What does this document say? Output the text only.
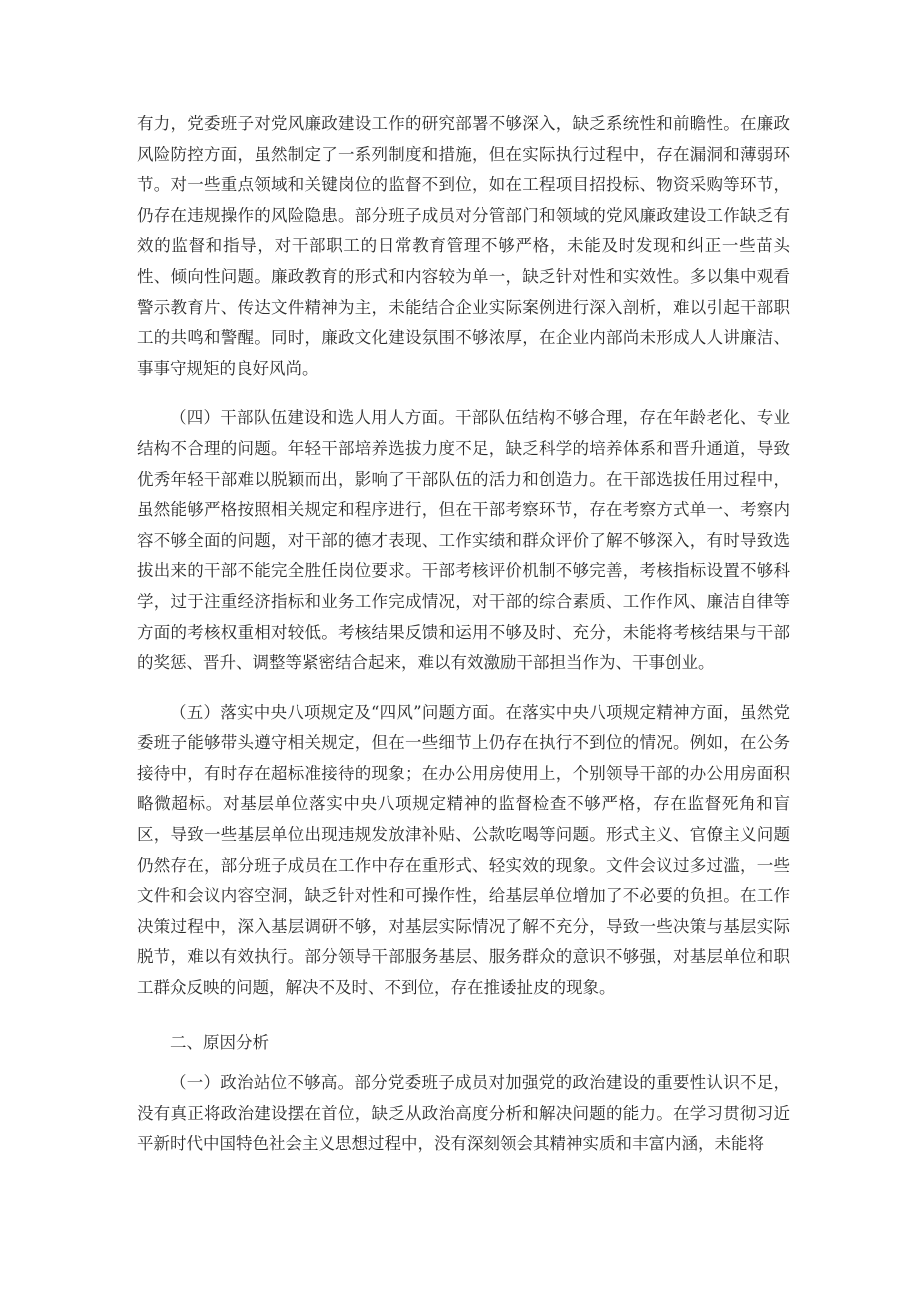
有力，党委班子对党风廉政建设工作的研究部署不够深入，缺乏系统性和前瞻性。在廉政风险防控方面，虽然制定了一系列制度和措施，但在实际执行过程中，存在漏洞和薄弱环节。对一些重点领域和关键岗位的监督不到位，如在工程项目招投标、物资采购等环节，仍存在违规操作的风险隐患。部分班子成员对分管部门和领域的党风廉政建设工作缺乏有效的监督和指导，对干部职工的日常教育管理不够严格，未能及时发现和纠正一些苗头性、倾向性问题。廉政教育的形式和内容较为单一，缺乏针对性和实效性。多以集中观看警示教育片、传达文件精神为主，未能结合企业实际案例进行深入剖析，难以引起干部职工的共鸣和警醒。同时，廉政文化建设氛围不够浓厚，在企业内部尚未形成人人讲廉洁、事事守规矩的良好风尚。

（四）干部队伍建设和选人用人方面。干部队伍结构不够合理，存在年龄老化、专业结构不合理的问题。年轻干部培养选拔力度不足，缺乏科学的培养体系和晋升通道，导致优秀年轻干部难以脱颖而出，影响了干部队伍的活力和创造力。在干部选拔任用过程中，虽然能够严格按照相关规定和程序进行，但在干部考察环节，存在考察方式单一、考察内容不够全面的问题，对干部的德才表现、工作实绩和群众评价了解不够深入，有时导致选拔出来的干部不能完全胜任岗位要求。干部考核评价机制不够完善，考核指标设置不够科学，过于注重经济指标和业务工作完成情况，对干部的综合素质、工作作风、廉洁自律等方面的考核权重相对较低。考核结果反馈和运用不够及时、充分，未能将考核结果与干部的奖惩、晋升、调整等紧密结合起来，难以有效激励干部担当作为、干事创业。

（五）落实中央八项规定及“四风”问题方面。在落实中央八项规定精神方面，虽然党委班子能够带头遵守相关规定，但在一些细节上仍存在执行不到位的情况。例如，在公务接待中，有时存在超标准接待的现象；在办公用房使用上，个别领导干部的办公用房面积略微超标。对基层单位落实中央八项规定精神的监督检查不够严格，存在监督死角和盲区，导致一些基层单位出现违规发放津补贴、公款吃喝等问题。形式主义、官僚主义问题仍然存在，部分班子成员在工作中存在重形式、轻实效的现象。文件会议过多过滥，一些文件和会议内容空洞，缺乏针对性和可操作性，给基层单位增加了不必要的负担。在工作决策过程中，深入基层调研不够，对基层实际情况了解不充分，导致一些决策与基层实际脱节，难以有效执行。部分领导干部服务基层、服务群众的意识不够强，对基层单位和职工群众反映的问题，解决不及时、不到位，存在推诿扯皮的现象。

二、原因分析

（一）政治站位不够高。部分党委班子成员对加强党的政治建设的重要性认识不足，没有真正将政治建设摆在首位，缺乏从政治高度分析和解决问题的能力。在学习贯彻习近平新时代中国特色社会主义思想过程中，没有深刻领会其精神实质和丰富内涵，未能将
